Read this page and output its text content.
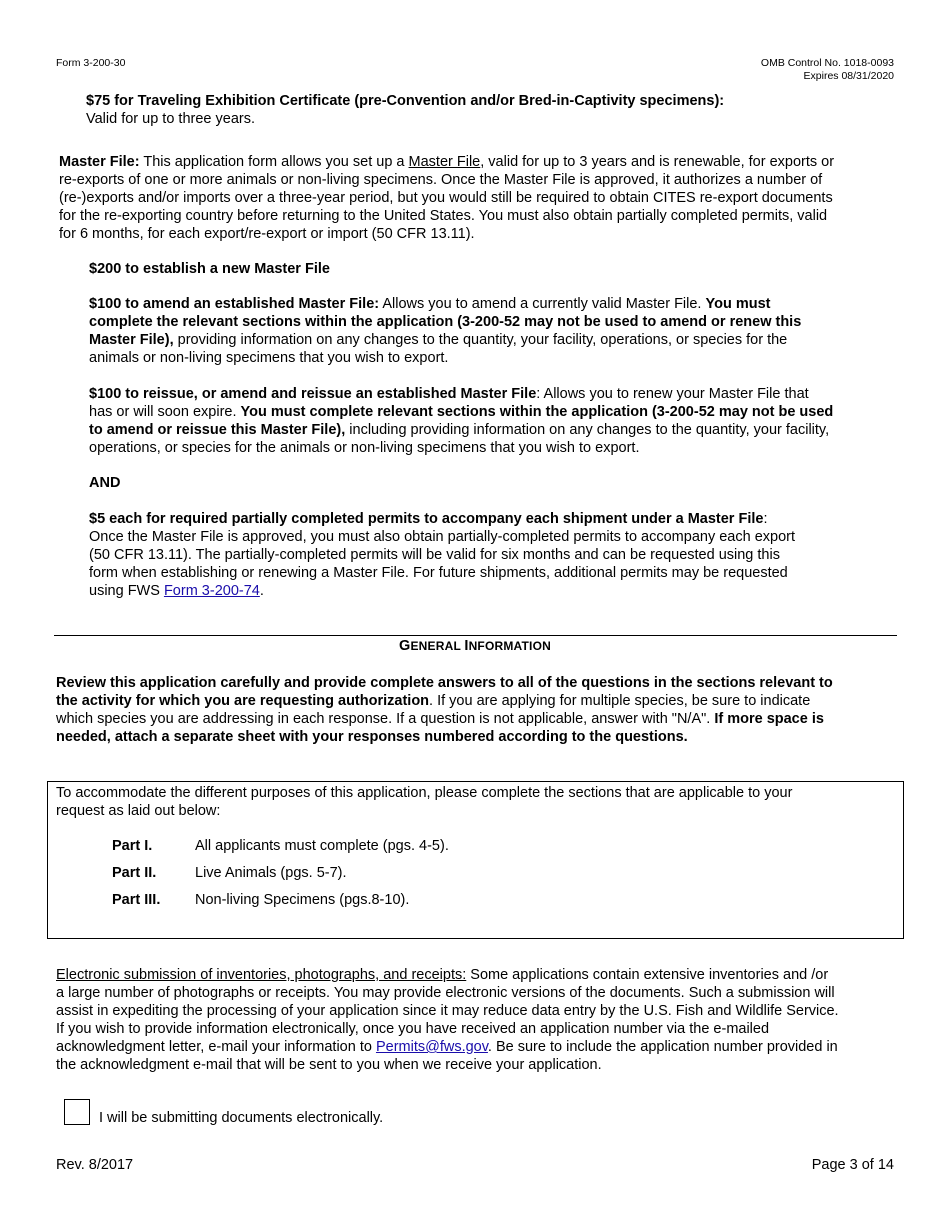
Form 3-200-30	OMB Control No. 1018-0093
Expires 08/31/2020
$75 for Traveling Exhibition Certificate (pre-Convention and/or Bred-in-Captivity specimens):
Valid for up to three years.
Master File: This application form allows you set up a Master File, valid for up to 3 years and is renewable, for exports or
re-exports of one or more animals or non-living specimens. Once the Master File is approved, it authorizes a number of
(re-)exports and/or imports over a three-year period, but you would still be required to obtain CITES re-export documents
for the re-exporting country before returning to the United States. You must also obtain partially completed permits, valid
for 6 months, for each export/re-export or import (50 CFR 13.11).
$200 to establish a new Master File
$100 to amend an established Master File: Allows you to amend a currently valid Master File. You must
complete the relevant sections within the application (3-200-52 may not be used to amend or renew this
Master File), providing information on any changes to the quantity, your facility, operations, or species for the
animals or non-living specimens that you wish to export.
$100 to reissue, or amend and reissue an established Master File: Allows you to renew your Master File that
has or will soon expire. You must complete relevant sections within the application (3-200-52 may not be used
to amend or reissue this Master File), including providing information on any changes to the quantity, your facility,
operations, or species for the animals or non-living specimens that you wish to export.
AND
$5 each for required partially completed permits to accompany each shipment under a Master File:
Once the Master File is approved, you must also obtain partially-completed permits to accompany each export
(50 CFR 13.11). The partially-completed permits will be valid for six months and can be requested using this
form when establishing or renewing a Master File. For future shipments, additional permits may be requested
using FWS Form 3-200-74.
GENERAL INFORMATION
Review this application carefully and provide complete answers to all of the questions in the sections relevant to
the activity for which you are requesting authorization. If you are applying for multiple species, be sure to indicate
which species you are addressing in each response. If a question is not applicable, answer with "N/A". If more space is
needed, attach a separate sheet with your responses numbered according to the questions.
To accommodate the different purposes of this application, please complete the sections that are applicable to your
request as laid out below:
Part I.	All applicants must complete (pgs. 4-5).
Part II.	Live Animals (pgs. 5-7).
Part III. Non-living Specimens (pgs.8-10).
Electronic submission of inventories, photographs, and receipts: Some applications contain extensive inventories and /or
a large number of photographs or receipts. You may provide electronic versions of the documents. Such a submission will
assist in expediting the processing of your application since it may reduce data entry by the U.S. Fish and Wildlife Service.
If you wish to provide information electronically, once you have received an application number via the e-mailed
acknowledgment letter, e-mail your information to Permits@fws.gov. Be sure to include the application number provided in
the acknowledgment e-mail that will be sent to you when we receive your application.
I will be submitting documents electronically.
Rev. 8/2017	Page 3 of 14
